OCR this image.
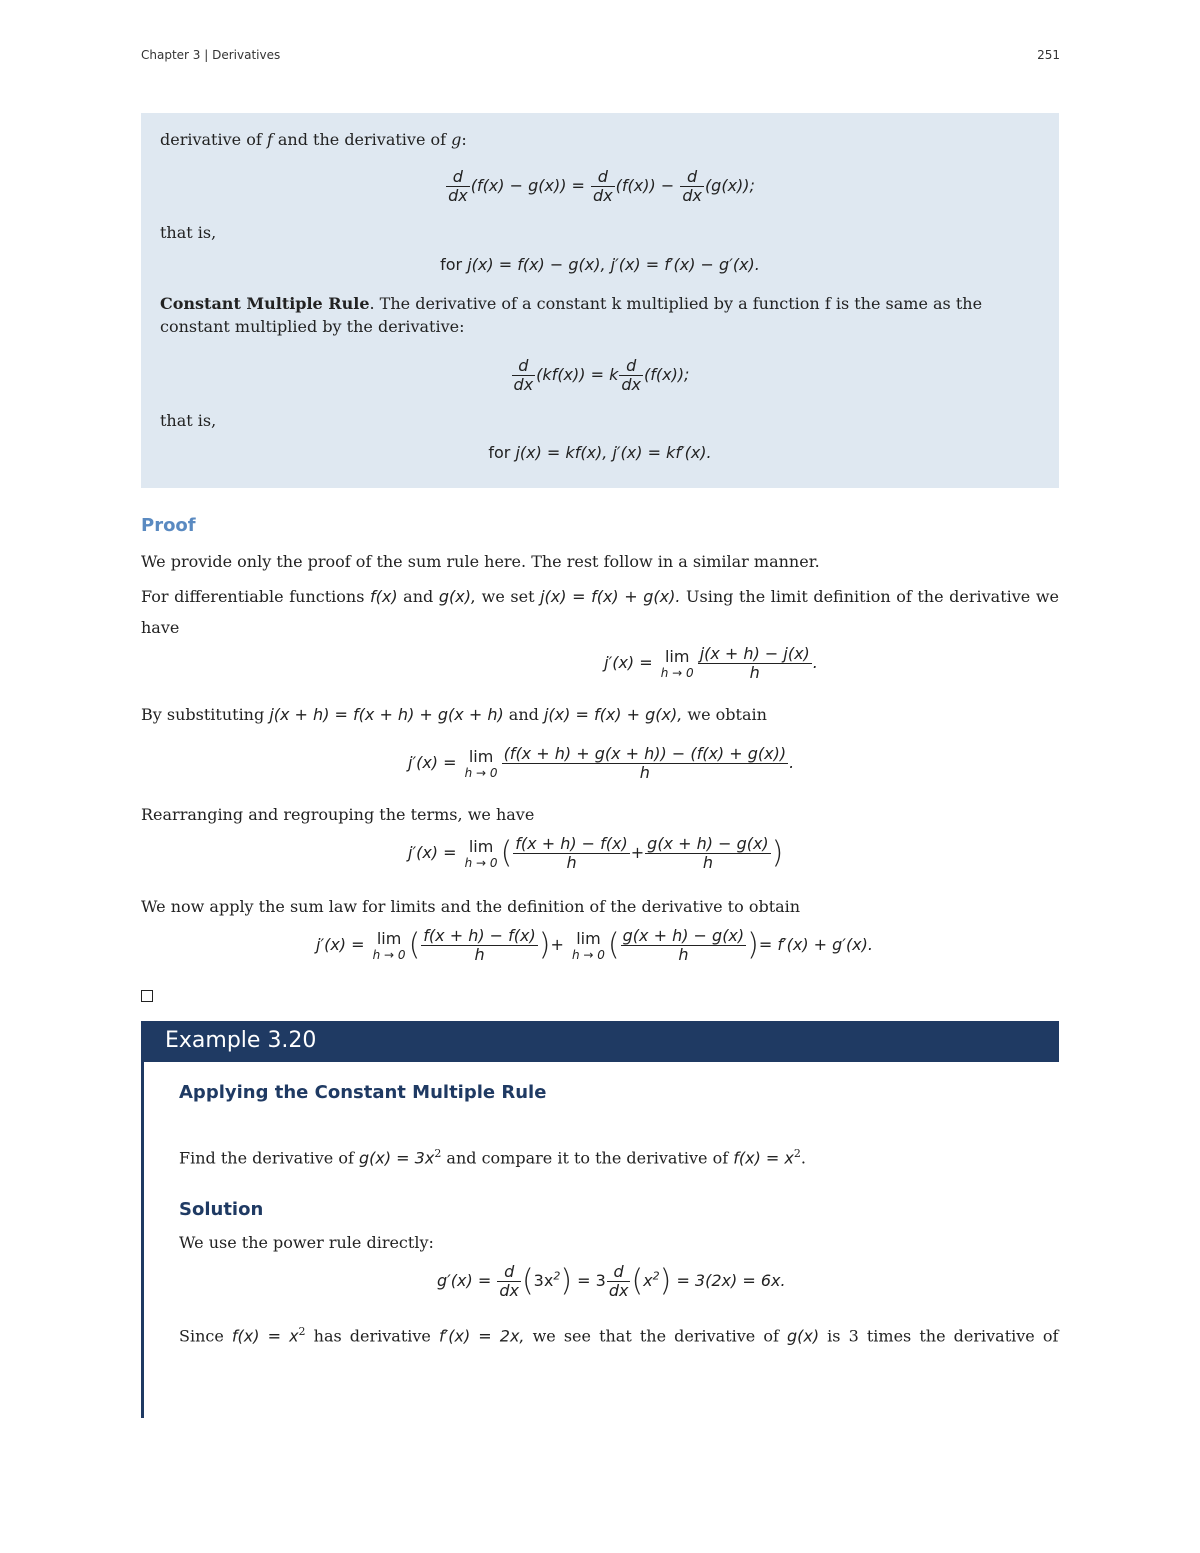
Chapter 3 | Derivatives	251
derivative of f and the derivative of g:
$\frac{d}{dx} (f(x) - g(x)) = \frac{d}{dx} (f(x)) - \frac{d}{dx} (g(x))$;
that is,
for j(x) = f(x) − g(x), j′(x) = f′(x) − g′(x).
Constant Multiple Rule. The derivative of a constant k multiplied by a function f is the same as the constant multiplied by the derivative:
$\frac{d}{dx} (kf(x)) = k \frac{d}{dx} (f(x))$;
that is,
for j(x) = kf(x), j′(x) = kf′(x).
Proof
We provide only the proof of the sum rule here. The rest follow in a similar manner.
For differentiable functions f(x) and g(x), we set j(x) = f(x) + g(x). Using the limit definition of the derivative we have
j′(x) = lim
$h \to 0 \frac{j(x + h) - j(x)}{h}$ .
By substituting j(x + h) = f(x + h) + g(x + h) and j(x) = f(x) + g(x), we obtain
j′(x) = lim
$h \to 0 \frac{(f(x + h) + g(x + h)) - (f(x) + g(x))}{h}$ .
Rearranging and regrouping the terms, we have
j′(x) = lim
h → 0 ( $\frac{f(x + h) - f(x)}{h} + \frac{g(x + h) - g(x)}{h}$ )
We now apply the sum law for limits and the definition of the derivative to obtain
j′(x) = lim
h → 0 ( $\frac{f(x + h) - f(x)}{h}$ )+ lim
h → 0 ( $\frac{g(x + h) - g(x)}{h}$ )= f′(x) + g′(x).
Example 3.20
Applying the Constant Multiple Rule
Find the derivative of $g(x) = 3x^2$ and compare it to the derivative of $f(x) = x^2$.
Solution
We use the power rule directly:
$g'(x) = \frac{d}{dx} (3x^2) = 3 \frac{d}{dx} (x^2) = 3(2x) = 6x$.
Since $f(x) = x^2$ has derivative f′(x) = 2x, we see that the derivative of g(x) is 3 times the derivative of
